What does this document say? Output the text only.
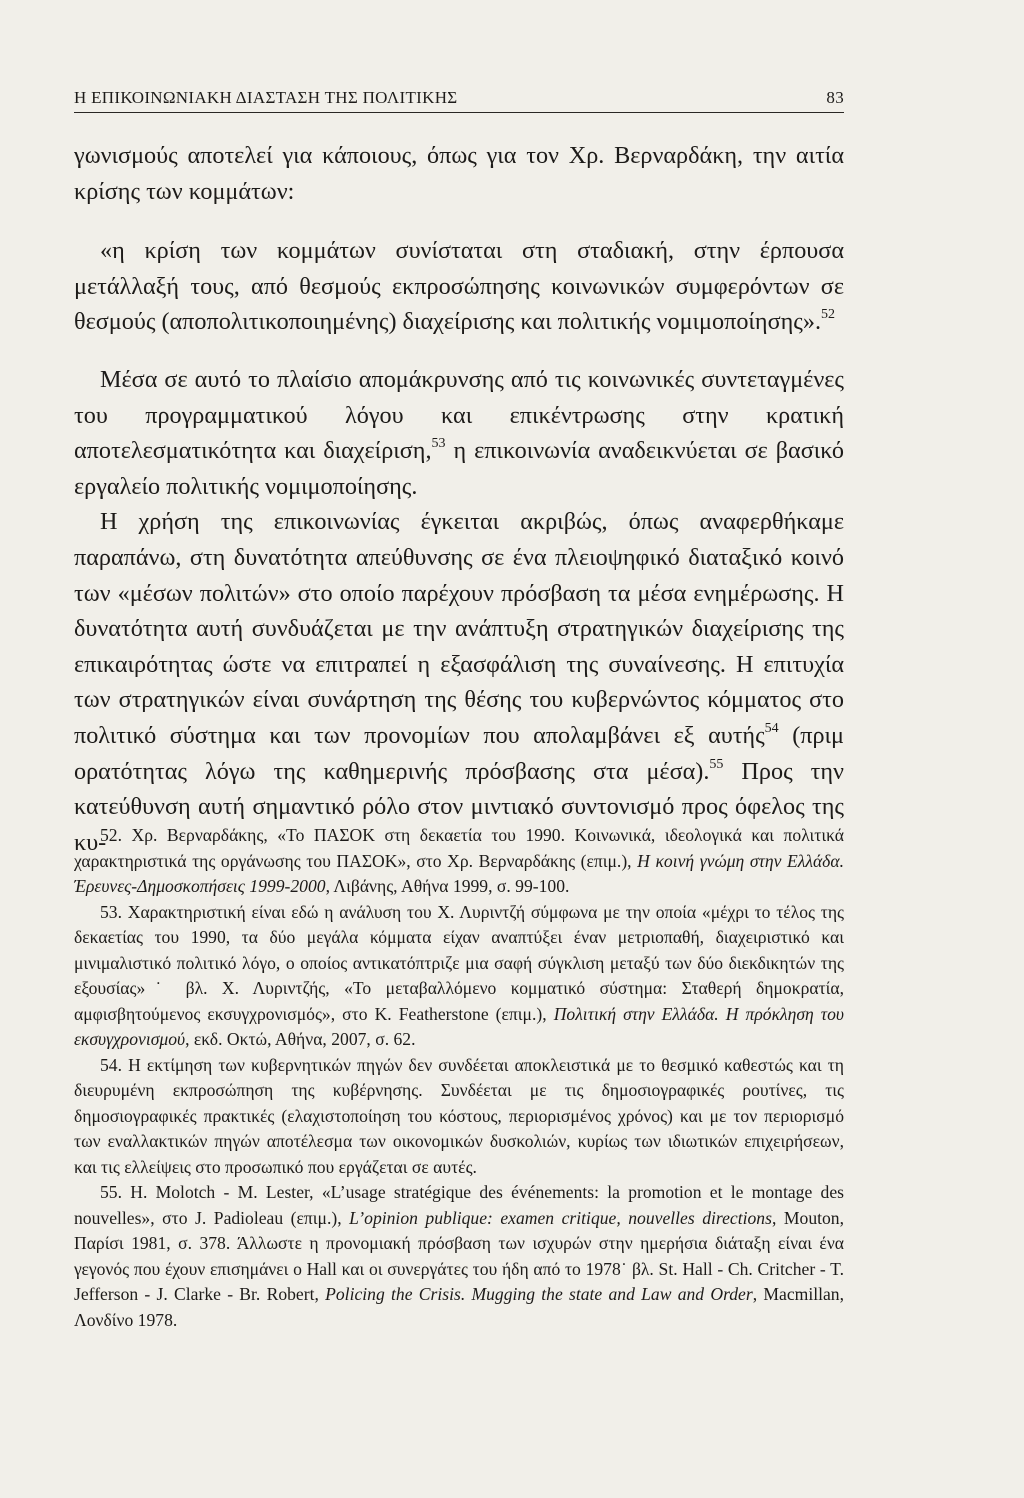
Η ΕΠΙΚΟΙΝΩΝΙΑΚΗ ΔΙΑΣΤΑΣΗ ΤΗΣ ΠΟΛΙΤΙΚΗΣ	83

γωνισμούς αποτελεί για κάποιους, όπως για τον Χρ. Βερναρδάκη, την αιτία κρίσης των κομμάτων:

«η κρίση των κομμάτων συνίσταται στη σταδιακή, στην έρπουσα μετάλλαξή τους, από θεσμούς εκπροσώπησης κοινωνικών συμφερόντων σε θεσμούς (αποπολιτικοποιημένης) διαχείρισης και πολιτικής νομιμοποίησης».$^{52}$

Μέσα σε αυτό το πλαίσιο απομάκρυνσης από τις κοινωνικές συντεταγμένες του προγραμματικού λόγου και επικέντρωσης στην κρατική αποτελεσματικότητα και διαχείριση,$^{53}$ η επικοινωνία αναδεικνύεται σε βασικό εργαλείο πολιτικής νομιμοποίησης.

Η χρήση της επικοινωνίας έγκειται ακριβώς, όπως αναφερθήκαμε παραπάνω, στη δυνατότητα απεύθυνσης σε ένα πλειοψηφικό διαταξικό κοινό των «μέσων πολιτών» στο οποίο παρέχουν πρόσβαση τα μέσα ενημέρωσης. Η δυνατότητα αυτή συνδυάζεται με την ανάπτυξη στρατηγικών διαχείρισης της επικαιρότητας ώστε να επιτραπεί η εξασφάλιση της συναίνεσης. Η επιτυχία των στρατηγικών είναι συνάρτηση της θέσης του κυβερνώντος κόμματος στο πολιτικό σύστημα και των προνομίων που απολαμβάνει εξ αυτής$^{54}$ (πριμ ορατότητας λόγω της καθημερινής πρόσβασης στα μέσα).$^{55}$ Προς την κατεύθυνση αυτή σημαντικό ρόλο στον μιντιακό συντονισμό προς όφελος της κυ-

52. Χρ. Βερναρδάκης, «Το ΠΑΣΟΚ στη δεκαετία του 1990. Κοινωνικά, ιδεολογικά και πολιτικά χαρακτηριστικά της οργάνωσης του ΠΑΣΟΚ», στο Χρ. Βερναρδάκης (επιμ.), Η κοινή γνώμη στην Ελλάδα. Έρευνες-Δημοσκοπήσεις 1999-2000, Λιβάνης, Αθήνα 1999, σ. 99-100.

53. Χαρακτηριστική είναι εδώ η ανάλυση του Χ. Λυριντζή σύμφωνα με την οποία «μέχρι το τέλος της δεκαετίας του 1990, τα δύο μεγάλα κόμματα είχαν αναπτύξει έναν μετριοπαθή, διαχειριστικό και μινιμαλιστικό πολιτικό λόγο, ο οποίος αντικατόπτριζε μια σαφή σύγκλιση μεταξύ των δύο διεκδικητών της εξουσίας»˙ βλ. Χ. Λυριντζής, «Το μεταβαλλόμενο κομματικό σύστημα: Σταθερή δημοκρατία, αμφισβητούμενος εκσυγχρονισμός», στο K. Featherstone (επιμ.), Πολιτική στην Ελλάδα. Η πρόκληση του εκσυγχρονισμού, εκδ. Οκτώ, Αθήνα, 2007, σ. 62.

54. Η εκτίμηση των κυβερνητικών πηγών δεν συνδέεται αποκλειστικά με το θεσμικό καθεστώς και τη διευρυμένη εκπροσώπηση της κυβέρνησης. Συνδέεται με τις δημοσιογραφικές ρουτίνες, τις δημοσιογραφικές πρακτικές (ελαχιστοποίηση του κόστους, περιορισμένος χρόνος) και με τον περιορισμό των εναλλακτικών πηγών αποτέλεσμα των οικονομικών δυσκολιών, κυρίως των ιδιωτικών επιχειρήσεων, και τις ελλείψεις στο προσωπικό που εργάζεται σε αυτές.

55. H. Molotch - M. Lester, «L’usage stratégique des événements: la promotion et le montage des nouvelles», στο J. Padioleau (επιμ.), L’opinion publique: examen critique, nouvelles directions, Mouton, Παρίσι 1981, σ. 378. Άλλωστε η προνομιακή πρόσβαση των ισχυρών στην ημερήσια διάταξη είναι ένα γεγονός που έχουν επισημάνει ο Hall και οι συνεργάτες του ήδη από το 1978˙ βλ. St. Hall - Ch. Critcher - T. Jefferson - J. Clarke - Br. Robert, Policing the Crisis. Mugging the state and Law and Order, Macmillan, Λονδίνο 1978.
